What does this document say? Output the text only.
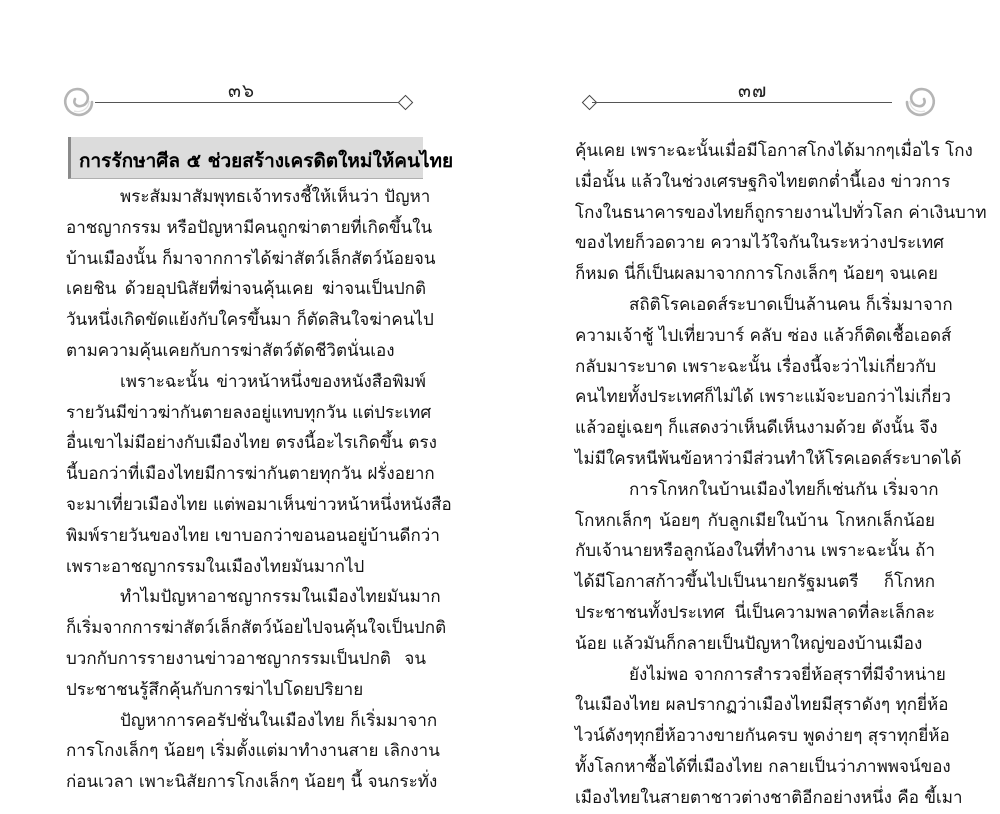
๓๖
การรักษาศีล ๕ ช่วยสร้างเครดิตใหม่ให้คนไทย
พระสัมมาสัมพุทธเจ้าทรงชี้ให้เห็นว่า ปัญหา
อาชญากรรม หรือปัญหามีคนถูกฆ่าตายที่เกิดขึ้นใน
บ้านเมืองนั้น ก็มาจากการได้ฆ่าสัตว์เล็กสัตว์น้อยจน
เคยชิน ด้วยอุปนิสัยที่ฆ่าจนคุ้นเคย ฆ่าจนเป็นปกติ
วันหนึ่งเกิดขัดแย้งกับใครขึ้นมา ก็ตัดสินใจฆ่าคนไป
ตามความคุ้นเคยกับการฆ่าสัตว์ตัดชีวิตนั่นเอง
เพราะฉะนั้น ข่าวหน้าหนึ่งของหนังสือพิมพ์
รายวันมีข่าวฆ่ากันตายลงอยู่แทบทุกวัน แต่ประเทศ
อื่นเขาไม่มีอย่างกับเมืองไทย ตรงนี้อะไรเกิดขึ้น ตรง
นี้บอกว่าที่เมืองไทยมีการฆ่ากันตายทุกวัน ฝรั่งอยาก
จะมาเที่ยวเมืองไทย แต่พอมาเห็นข่าวหน้าหนึ่งหนังสือ
พิมพ์รายวันของไทย เขาบอกว่าขอนอนอยู่บ้านดีกว่า
เพราะอาชญากรรมในเมืองไทยมันมากไป
ทำไมปัญหาอาชญากรรมในเมืองไทยมันมาก
ก็เริ่มจากการฆ่าสัตว์เล็กสัตว์น้อยไปจนคุ้นใจเป็นปกติ
บวกกับการรายงานข่าวอาชญากรรมเป็นปกติ จน
ประชาชนรู้สึกคุ้นกับการฆ่าไปโดยปริยาย
ปัญหาการคอรัปชั่นในเมืองไทย ก็เริ่มมาจาก
การโกงเล็กๆ น้อยๆ เริ่มตั้งแต่มาทำงานสาย เลิกงาน
ก่อนเวลา เพาะนิสัยการโกงเล็กๆ น้อยๆ นี้ จนกระทั่ง
๓๗
คุ้นเคย เพราะฉะนั้นเมื่อมีโอกาสโกงได้มากๆเมื่อไร โกง
เมื่อนั้น แล้วในช่วงเศรษฐกิจไทยตกต่ำนี้เอง ข่าวการ
โกงในธนาคารของไทยก็ถูกรายงานไปทั่วโลก ค่าเงินบาท
ของไทยก็วอดวาย ความไว้ใจกันในระหว่างประเทศ
ก็หมด นี่ก็เป็นผลมาจากการโกงเล็กๆ น้อยๆ จนเคย
สถิติโรคเอดส์ระบาดเป็นล้านคน ก็เริ่มมาจาก
ความเจ้าชู้ ไปเที่ยวบาร์ คลับ ซ่อง แล้วก็ติดเชื้อเอดส์
กลับมาระบาด เพราะฉะนั้น เรื่องนี้จะว่าไม่เกี่ยวกับ
คนไทยทั้งประเทศก็ไม่ได้ เพราะแม้จะบอกว่าไม่เกี่ยว
แล้วอยู่เฉยๆ ก็แสดงว่าเห็นดีเห็นงามด้วย ดังนั้น จึง
ไม่มีใครหนีพ้นข้อหาว่ามีส่วนทำให้โรคเอดส์ระบาดได้
การโกหกในบ้านเมืองไทยก็เช่นกัน เริ่มจาก
โกหกเล็กๆ น้อยๆ กับลูกเมียในบ้าน โกหกเล็กน้อย
กับเจ้านายหรือลูกน้องในที่ทำงาน เพราะฉะนั้น ถ้า
ได้มีโอกาสก้าวขึ้นไปเป็นนายกรัฐมนตรี ก็โกหก
ประชาชนทั้งประเทศ นี่เป็นความพลาดที่ละเล็กละ
น้อย แล้วมันก็กลายเป็นปัญหาใหญ่ของบ้านเมือง
ยังไม่พอ จากการสำรวจยี่ห้อสุราที่มีจำหน่าย
ในเมืองไทย ผลปรากฏว่าเมืองไทยมีสุราดังๆ ทุกยี่ห้อ
ไวน์ดังๆทุกยี่ห้อวางขายกันครบ พูดง่ายๆ สุราทุกยี่ห้อ
ทั้งโลกหาซื้อได้ที่เมืองไทย กลายเป็นว่าภาพพจน์ของ
เมืองไทยในสายตาชาวต่างชาติอีกอย่างหนึ่ง คือ ขี้เมา
